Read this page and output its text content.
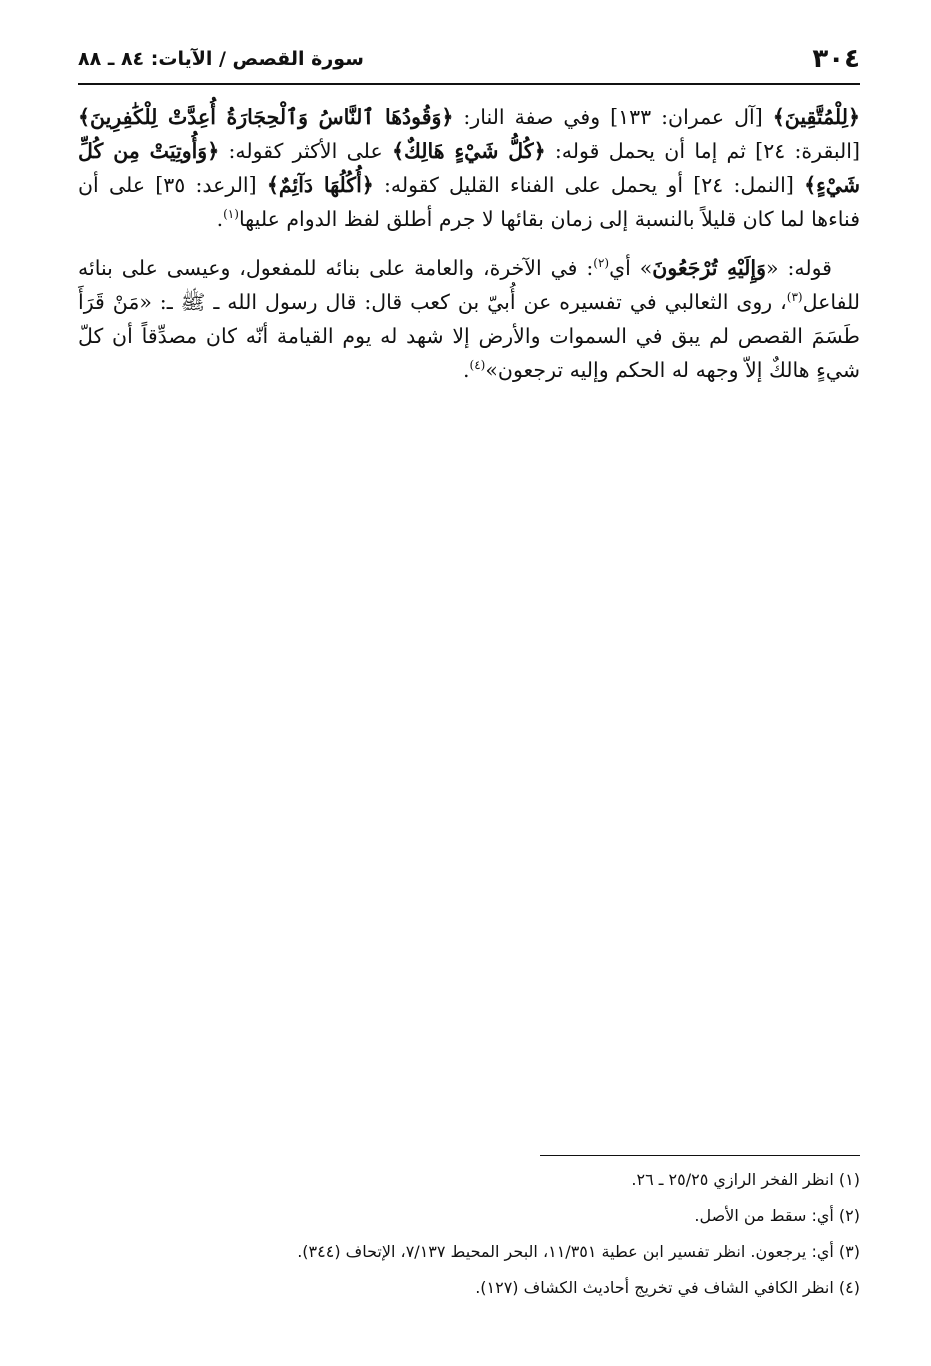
٣٠٤
سورة القصص / الآيات: ٨٤ ـ ٨٨

﴿لِلْمُتَّقِينَ﴾ [آل عمران: ١٣٣] وفي صفة النار: ﴿وَقُودُهَا ٱلنَّاسُ وَٱلْحِجَارَةُ أُعِدَّتْ لِلْكَٰفِرِينَ﴾ [البقرة: ٢٤] ثم إما أن يحمل قوله: ﴿كُلُّ شَيْءٍ هَالِكٌ﴾ على الأكثر كقوله: ﴿وَأُوتِيَتْ مِن كُلِّ شَيْءٍ﴾ [النمل: ٢٤] أو يحمل على الفناء القليل كقوله: ﴿أُكُلُهَا دَآئِمٌ﴾ [الرعد: ٣٥] على أن فناءها لما كان قليلاً بالنسبة إلى زمان بقائها لا جرم أطلق لفظ الدوام عليها$^{(١)}$.

قوله: «وَإِلَيْهِ تُرْجَعُونَ» أي$^{(٢)}$: في الآخرة، والعامة على بنائه للمفعول، وعيسى على بنائه للفاعل$^{(٣)}$، روى الثعالبي في تفسيره عن أُبيّ بن كعب قال: قال رسول الله ـ ﷺ ـ: «مَنْ قَرَأَ طَسَمَ القصص لم يبق في السموات والأرض إلا شهد له يوم القيامة أنّه كان مصدِّقاً أن كلّ شيءٍ هالكٌ إلاّ وجهه له الحكم وإليه ترجعون»$^{(٤)}$.

(١) انظر الفخر الرازي ٢٥/٢٥ ـ ٢٦.
(٢) أي: سقط من الأصل.
(٣) أي: يرجعون. انظر تفسير ابن عطية ١١/٣٥١، البحر المحيط ٧/١٣٧، الإتحاف (٣٤٤).
(٤) انظر الكافي الشاف في تخريج أحاديث الكشاف (١٢٧).
